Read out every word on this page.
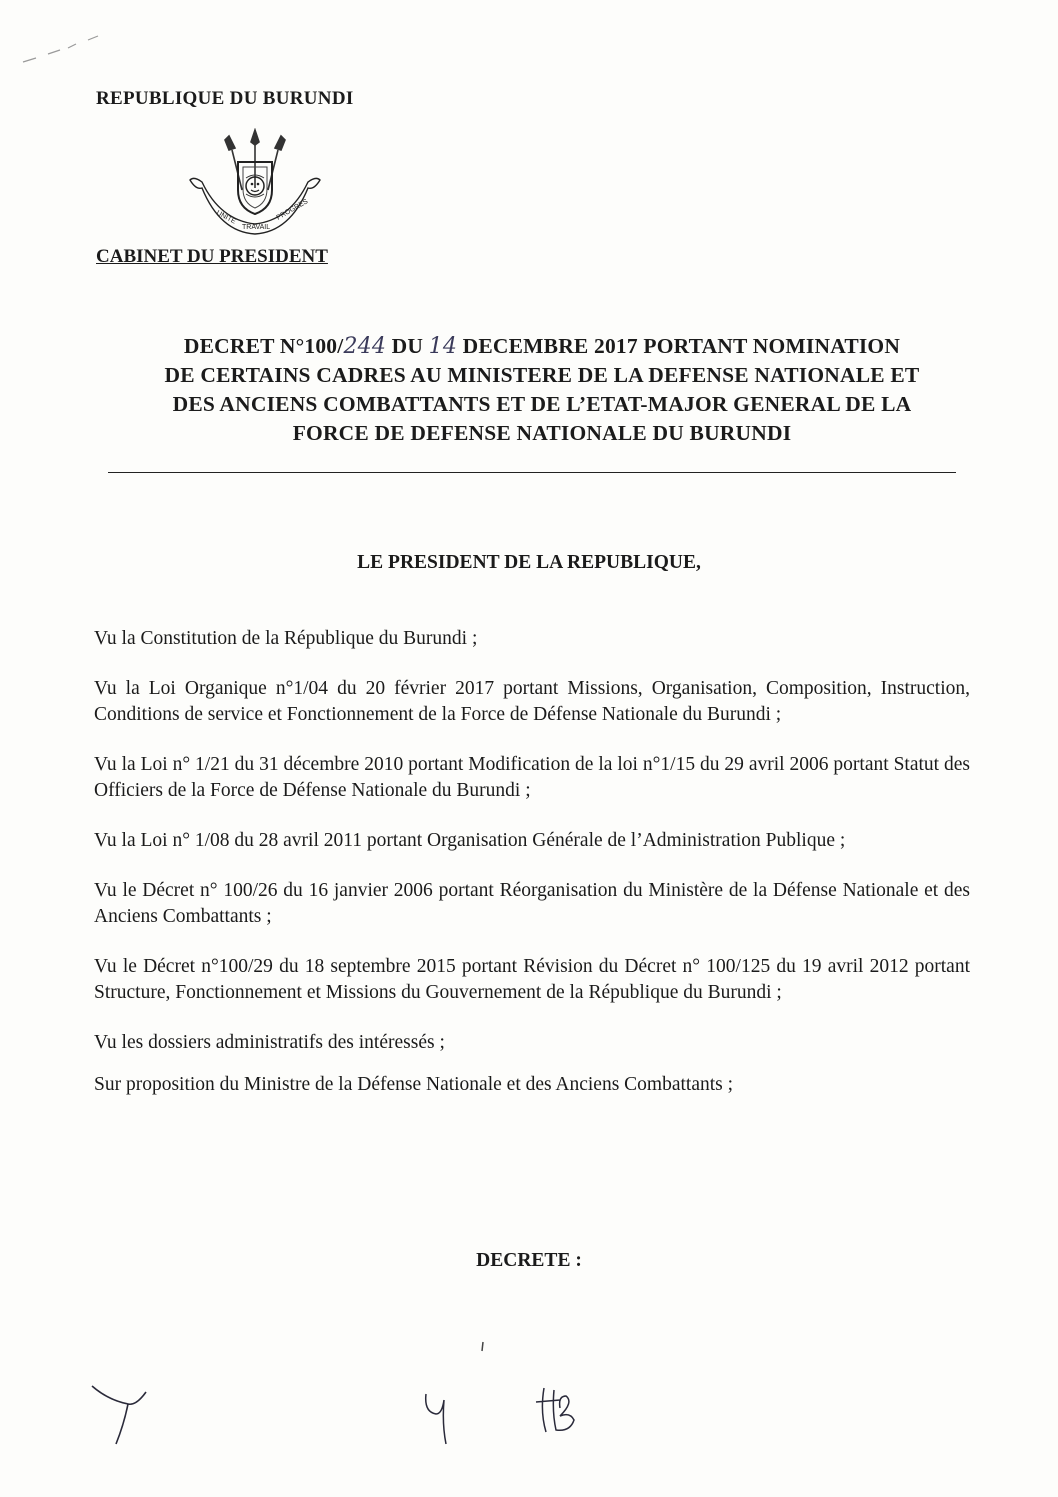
REPUBLIQUE DU BURUNDI
UNITE
TRAVAIL
PROGRES
CABINET DU PRESIDENT
DECRET N°100/244 DU 14 DECEMBRE 2017 PORTANT NOMINATION
DE CERTAINS CADRES AU MINISTERE DE LA DEFENSE NATIONALE ET
DES ANCIENS COMBATTANTS ET DE L’ETAT-MAJOR GENERAL DE LA
FORCE DE DEFENSE NATIONALE DU BURUNDI
LE PRESIDENT DE LA REPUBLIQUE,

Vu la Constitution de la République du Burundi ;

Vu la Loi Organique n°1/04 du 20 février 2017 portant Missions, Organisation, Composition, Instruction, Conditions de service et Fonctionnement de la Force de Défense Nationale du Burundi ;

Vu la Loi n° 1/21 du 31 décembre 2010 portant Modification de la loi n°1/15 du 29 avril 2006 portant Statut des Officiers de la Force de Défense Nationale du Burundi ;

Vu la Loi n° 1/08 du 28 avril 2011 portant Organisation Générale de l’Administration Publique ;

Vu le Décret n° 100/26 du 16 janvier 2006 portant Réorganisation du Ministère de la Défense Nationale et des Anciens Combattants ;

Vu le Décret n°100/29 du 18 septembre 2015 portant Révision du Décret n° 100/125 du 19 avril 2012 portant Structure, Fonctionnement et Missions du Gouvernement de la République du Burundi ;

Vu les dossiers administratifs des intéressés ;

Sur proposition du Ministre de la Défense Nationale et des Anciens Combattants ;

DECRETE :
